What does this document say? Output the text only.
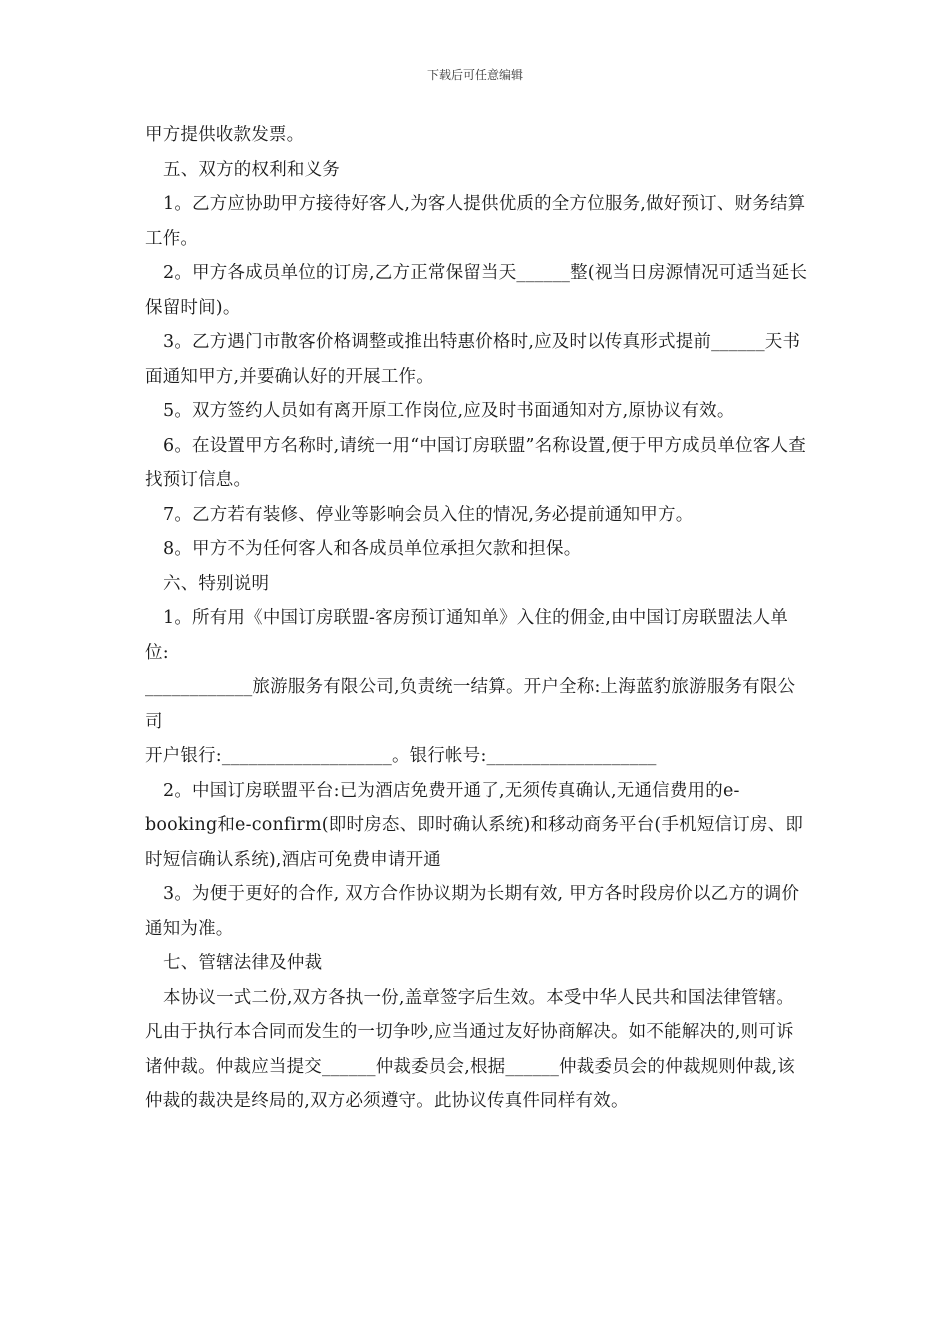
下载后可任意编辑

甲方提供收款发票。

五、双方的权利和义务

1。乙方应协助甲方接待好客人,为客人提供优质的全方位服务,做好预订、财务结算工作。

2。甲方各成员单位的订房,乙方正常保留当天______整(视当日房源情况可适当延长保留时间)。

3。乙方遇门市散客价格调整或推出特惠价格时,应及时以传真形式提前______天书面通知甲方,并要确认好的开展工作。

5。双方签约人员如有离开原工作岗位,应及时书面通知对方,原协议有效。

6。在设置甲方名称时,请统一用“中国订房联盟”名称设置,便于甲方成员单位客人查找预订信息。

7。乙方若有装修、停业等影响会员入住的情况,务必提前通知甲方。

8。甲方不为任何客人和各成员单位承担欠款和担保。

六、特别说明

1。所有用《中国订房联盟-客房预订通知单》入住的佣金,由中国订房联盟法人单位:

____________旅游服务有限公司,负责统一结算。开户全称:上海蓝豹旅游服务有限公司

开户银行:___________________。银行帐号:___________________

2。中国订房联盟平台:已为酒店免费开通了,无须传真确认,无通信费用的e-booking和e-confirm(即时房态、即时确认系统)和移动商务平台(手机短信订房、即时短信确认系统),酒店可免费申请开通

3。为便于更好的合作, 双方合作协议期为长期有效, 甲方各时段房价以乙方的调价通知为准。

七、管辖法律及仲裁

本协议一式二份,双方各执一份,盖章签字后生效。本受中华人民共和国法律管辖。凡由于执行本合同而发生的一切争吵,应当通过友好协商解决。如不能解决的,则可诉诸仲裁。仲裁应当提交______仲裁委员会,根据______仲裁委员会的仲裁规则仲裁,该仲裁的裁决是终局的,双方必须遵守。此协议传真件同样有效。
